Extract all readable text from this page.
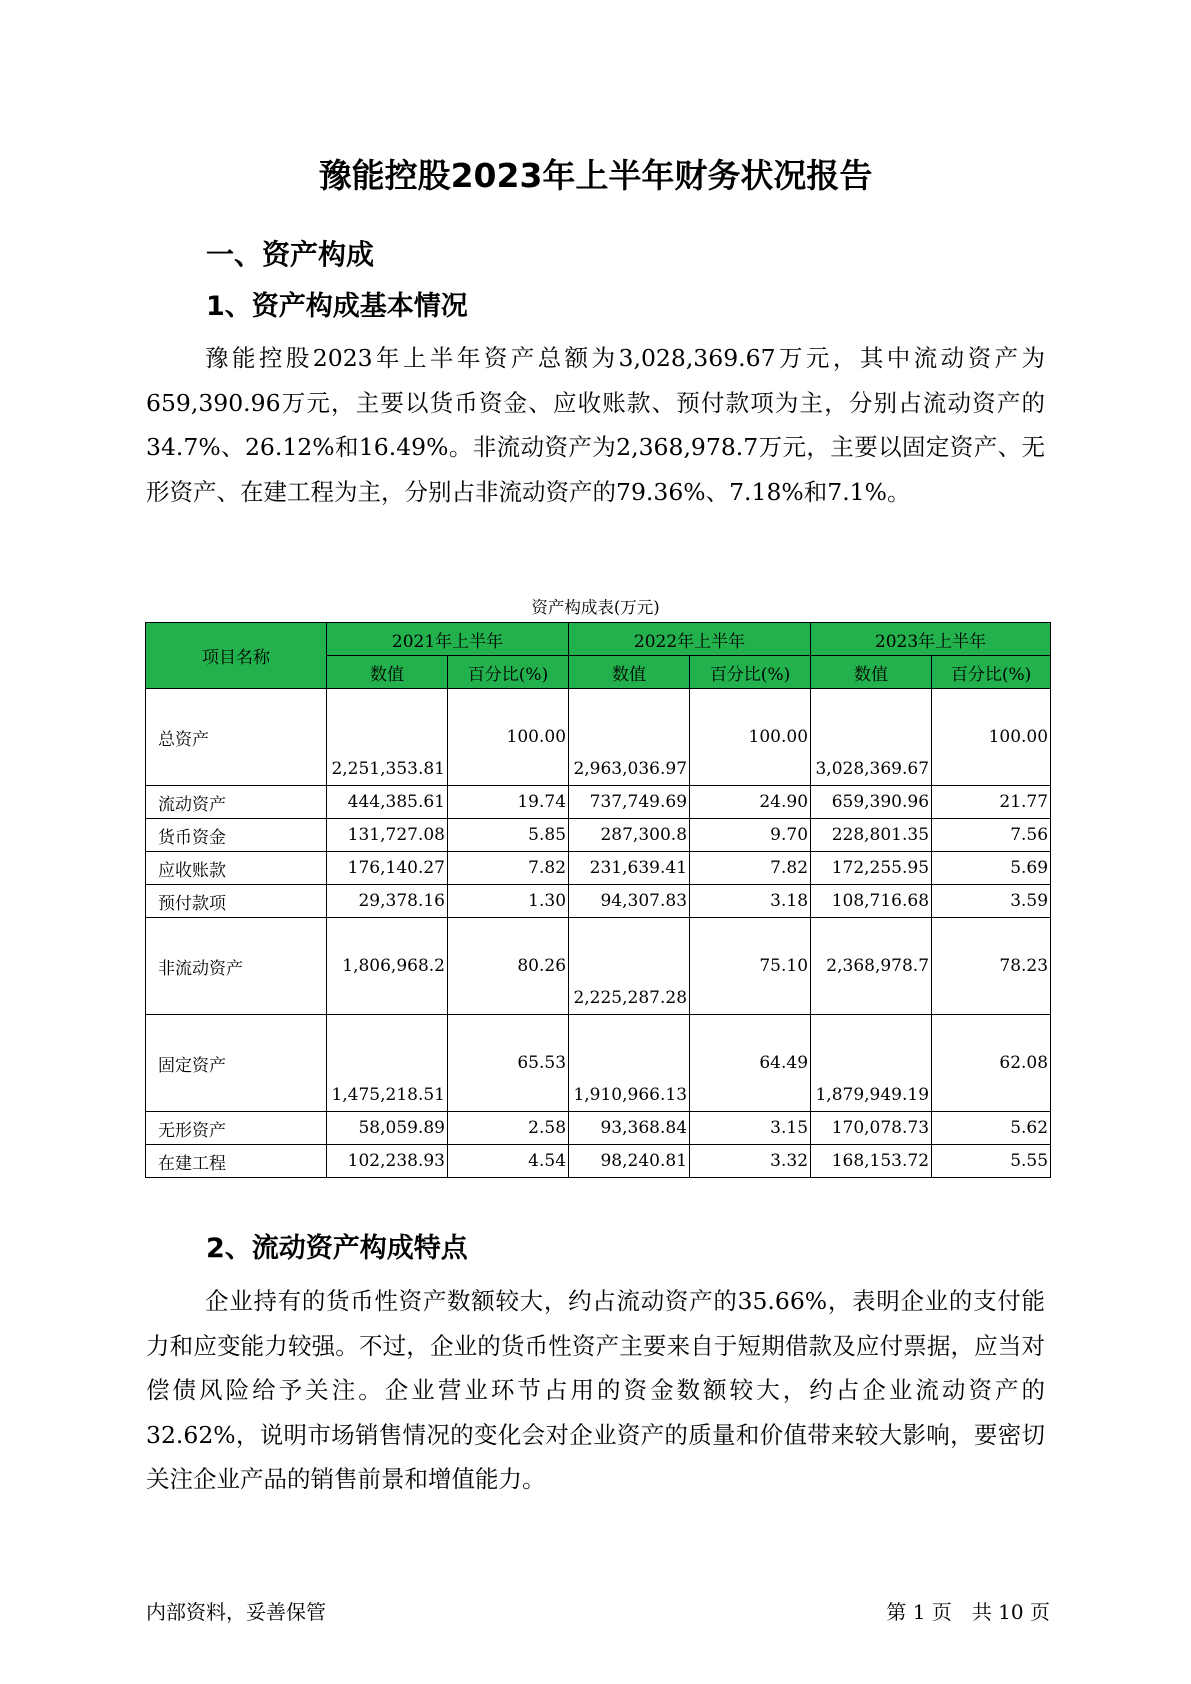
豫能控股2023年上半年财务状况报告
一、资产构成
1、资产构成基本情况

豫能控股2023年上半年资产总额为3,028,369.67万元，其中流动资产为659,390.96万元，主要以货币资金、应收账款、预付款项为主，分别占流动资产的34.7%、26.12%和16.49%。非流动资产为2,368,978.7万元，主要以固定资产、无形资产、在建工程为主，分别占非流动资产的79.36%、7.18%和7.1%。

资产构成表(万元)
项目名称	2021年上半年		2022年上半年		2023年上半年	
	数值	百分比(%)	数值	百分比(%)	数值	百分比(%)
总资产	2,251,353.81	100.00	2,963,036.97	100.00	3,028,369.67	100.00
流动资产	444,385.61	19.74	737,749.69	24.90	659,390.96	21.77
货币资金	131,727.08	5.85	287,300.8	9.70	228,801.35	7.56
应收账款	176,140.27	7.82	231,639.41	7.82	172,255.95	5.69
预付款项	29,378.16	1.30	94,307.83	3.18	108,716.68	3.59
非流动资产	1,806,968.2	80.26	2,225,287.28	75.10	2,368,978.7	78.23
固定资产	1,475,218.51	65.53	1,910,966.13	64.49	1,879,949.19	62.08
无形资产	58,059.89	2.58	93,368.84	3.15	170,078.73	5.62
在建工程	102,238.93	4.54	98,240.81	3.32	168,153.72	5.55
2、流动资产构成特点

企业持有的货币性资产数额较大，约占流动资产的35.66%，表明企业的支付能力和应变能力较强。不过，企业的货币性资产主要来自于短期借款及应付票据，应当对偿债风险给予关注。企业营业环节占用的资金数额较大，约占企业流动资产的32.62%，说明市场销售情况的变化会对企业资产的质量和价值带来较大影响，要密切关注企业产品的销售前景和增值能力。

内部资料，妥善保管	第 1 页　共 10 页
